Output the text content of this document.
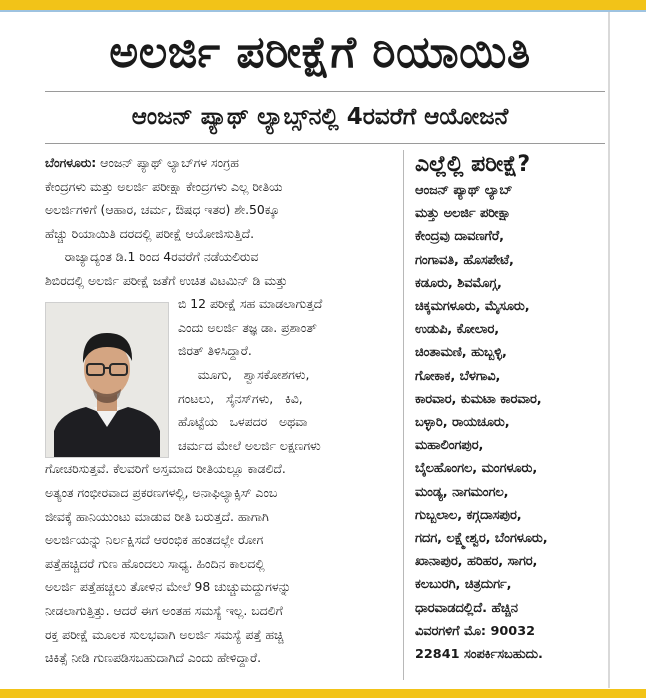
ಅಲರ್ಜಿ ಪರೀಕ್ಷೆಗೆ ರಿಯಾಯಿತಿ
ಆಂಜನ್ ಪ್ಯಾಥ್ ಲ್ಯಾಬ್ಸ್‌ನಲ್ಲಿ 4ರವರೆಗೆ ಆಯೋಜನೆ
ಬೆಂಗಳೂರು: ಆಂಜನ್ ಪ್ಯಾಥ್ ಲ್ಯಾಬ್‌ಗಳ ಸಂಗ್ರಹ
ಕೇಂದ್ರಗಳು ಮತ್ತು ಅಲರ್ಜಿ ಪರೀಕ್ಷಾ ಕೇಂದ್ರಗಳು ಎಲ್ಲ ರೀತಿಯ
ಅಲರ್ಜಿಗಳಿಗೆ (ಆಹಾರ, ಚರ್ಮ, ಔಷಧ ಇತರ) ಶೇ.50ಕ್ಕೂ
ಹೆಚ್ಚು ರಿಯಾಯಿತಿ ದರದಲ್ಲಿ ಪರೀಕ್ಷೆ ಆಯೋಜಿಸುತ್ತಿದೆ.
ರಾಜ್ಯಾದ್ಯಂತ ಡಿ.1 ರಿಂದ 4ರವರೆಗೆ ನಡೆಯಲಿರುವ
ಶಿಬಿರದಲ್ಲಿ ಅಲರ್ಜಿ ಪರೀಕ್ಷೆ ಜತೆಗೆ ಉಚಿತ ವಿಟಮಿನ್ ಡಿ ಮತ್ತು
ಬಿ 12 ಪರೀಕ್ಷೆ ಸಹ ಮಾಡಲಾಗುತ್ತದೆ
ಎಂದು ಅಲರ್ಜಿ ತಜ್ಞ ಡಾ. ಪ್ರಶಾಂತ್
ಜಿರತ್ ತಿಳಿಸಿದ್ದಾರೆ.
ಮೂಗು,   ಶ್ವಾಸಕೋಶಗಳು,
ಗಂಟಲು,   ಸೈನಸ್‌ಗಳು,   ಕಿವಿ,
ಹೊಟ್ಟೆಯ   ಒಳಪದರ   ಅಥವಾ
ಚರ್ಮದ ಮೇಲೆ ಅಲರ್ಜಿ ಲಕ್ಷಣಗಳು
ಗೋಚರಿಸುತ್ತವೆ. ಕೆಲವರಿಗೆ ಅಸ್ತಮಾದ ರೀತಿಯಲ್ಲೂ ಕಾಡಲಿದೆ.
ಅತ್ಯಂತ ಗಂಭೀರವಾದ ಪ್ರಕರಣಗಳಲ್ಲಿ, ಅನಾಫಿಲ್ಯಾಕ್ಸಿಸ್ ಎಂಬ
ಜೀವಕ್ಕೆ ಹಾನಿಯುಂಟು ಮಾಡುವ ರೀತಿ ಬರುತ್ತದೆ. ಹಾಗಾಗಿ
ಅಲರ್ಜಿಯನ್ನು ನಿರ್ಲಕ್ಷಿಸದೆ ಆರಂಭಿಕ ಹಂತದಲ್ಲೇ ರೋಗ
ಪತ್ತೆಹಚ್ಚಿದರೆ ಗುಣ ಹೊಂದಲು ಸಾಧ್ಯ. ಹಿಂದಿನ ಕಾಲದಲ್ಲಿ
ಅಲರ್ಜಿ ಪತ್ತೆಹಚ್ಚಲು ತೋಳಿನ ಮೇಲೆ 98 ಚುಚ್ಚುಮದ್ದುಗಳನ್ನು
ನೀಡಲಾಗುತ್ತಿತ್ತು. ಆದರೆ ಈಗ ಅಂತಹ ಸಮಸ್ಯೆ ಇಲ್ಲ. ಬದಲಿಗೆ
ರಕ್ತ ಪರೀಕ್ಷೆ ಮೂಲಕ ಸುಲಭವಾಗಿ ಅಲರ್ಜಿ ಸಮಸ್ಯೆ ಪತ್ತೆ ಹಚ್ಚಿ
ಚಿಕಿತ್ಸೆ ನೀಡಿ ಗುಣಪಡಿಸಬಹುದಾಗಿದೆ ಎಂದು ಹೇಳಿದ್ದಾರೆ.
ಎಲ್ಲೆಲ್ಲಿ ಪರೀಕ್ಷೆ?
ಆಂಜನ್ ಪ್ಯಾಥ್ ಲ್ಯಾಬ್
ಮತ್ತು ಅಲರ್ಜಿ ಪರೀಕ್ಷಾ
ಕೇಂದ್ರವು ದಾವಣಗೆರೆ,
ಗಂಗಾವತಿ, ಹೊಸಪೇಟೆ,
ಕಡೂರು, ಶಿವಮೊಗ್ಗ,
ಚಿಕ್ಕಮಗಳೂರು, ಮೈಸೂರು,
ಉಡುಪಿ, ಕೋಲಾರ,
ಚಿಂತಾಮಣಿ, ಹುಬ್ಬಳ್ಳಿ,
ಗೋಕಾಕ, ಬೆಳಗಾವಿ,
ಕಾರವಾರ, ಕುಮಟಾ ಕಾರವಾರ,
ಬಳ್ಳಾರಿ, ರಾಯಚೂರು,
ಮಹಾಲಿಂಗಪುರ,
ಬೈಲಹೊಂಗಲ, ಮಂಗಳೂರು,
ಮಂಡ್ಯ, ನಾಗಮಂಗಲ,
ಗುಬ್ಬಲಾಲ, ಕಗ್ಗದಾಸಪುರ,
ಗದಗ, ಲಕ್ಷ್ಮೇಶ್ವರ, ಬೆಂಗಳೂರು,
ಖಾನಾಪುರ, ಹರಿಹರ, ಸಾಗರ,
ಕಲಬುರಗಿ, ಚಿತ್ರದುರ್ಗ,
ಧಾರವಾಡದಲ್ಲಿದೆ. ಹೆಚ್ಚಿನ
ವಿವರಗಳಿಗೆ ಮೊ: 90032
22841 ಸಂಪರ್ಕಿಸಬಹುದು.
